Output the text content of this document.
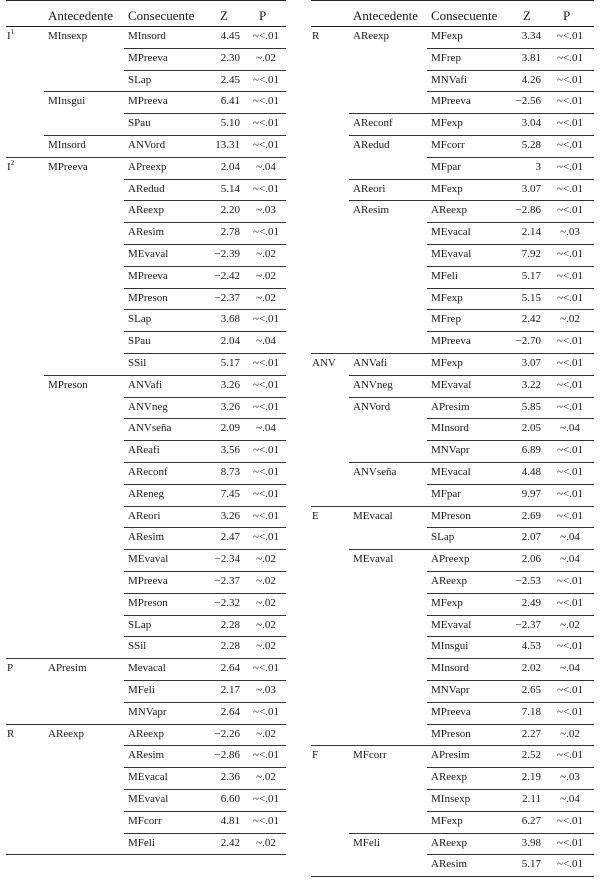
Antecedente Consecuente Z P
$I^1$	MInsexp	MInsord	4.45	~<.01
MPreeva	2.30	~.02
SLap	2.45	~<.01
MInsgui	MPreeva	6.41	~<.01
SPau	5.10	~<.01
MInsord	ANVord	13.31	~<.01
$I^2$	MPreeva	APreexp	2.04	~.04
ARedud	5.14	~<.01
AReexp	2.20	~.03
AResim	2.78	~<.01
MEvaval	−2.39	~.02
MPreeva	−2.42	~.02
MPreson	−2.37	~.02
SLap	3.68	~<.01
SPau	2.04	~.04
SSil	5.17	~<.01
MPreson	ANVafi	3.26	~<.01
ANVneg	3.26	~<.01
ANVseña	2.09	~.04
AReafi	3.56	~<.01
AReconf	8.73	~<.01
AReneg	7.45	~<.01
AReori	3.26	~<.01
AResim	2.47	~<.01
MEvaval	−2.34	~.02
MPreeva	−2.37	~.02
MPreson	−2.32	~.02
SLap	2.28	~.02
SSil	2.28	~.02
P	APresim	Mevacal	2.64	~<.01
MFeli	2.17	~.03
MNVapr	2.64	~<.01
R	AReexp	AReexp	−2.26	~.02
AResim	−2.86	~<.01
MEvacal	2.36	~.02
MEvaval	6.60	~<.01
MFcorr	4.81	~<.01
MFeli	2.42	~.02
Antecedente Consecuente Z P
R	AReexp	MFexp	3.34	~<.01
MFrep	3.81	~<.01
MNVafi	4.26	~<.01
MPreeva	−2.56	~<.01
AReconf	MFexp	3.04	~<.01
ARedud	MFcorr	5.28	~<.01
MFpar	3	~<.01
AReori	MFexp	3.07	~<.01
AResim	AReexp	−2.86	~<.01
MEvacal	2.14	~.03
MEvaval	7.92	~<.01
MFeli	5.17	~<.01
MFexp	5.15	~<.01
MFrep	2.42	~.02
MPreeva	−2.70	~<.01
ANV ANVafi	MFexp	3.07	~<.01
ANVneg	MEvaval	3.22	~<.01
ANVord	APresim	5.85	~<.01
MInsord	2.05	~.04
MNVapr	6.89	~<.01
ANVseña	MEvacal	4.48	~<.01
MFpar	9.97	~<.01
E	MEvacal	MPreson	2.69	~<.01
SLap	2.07	~.04
MEvaval	APreexp	2.06	~.04
AReexp	−2.53	~<.01
MFexp	2.49	~<.01
MEvaval	−2.37	~.02
MInsgui	4.53	~<.01
MInsord	2.02	~.04
MNVapr	2.65	~<.01
MPreeva	7.18	~<.01
MPreson	2.27	~.02
F	MFcorr	APresim	2.52	~<.01
AReexp	2.19	~.03
MInsexp	2.11	~.04
MFexp	6.27	~<.01
MFeli	AReexp	3.98	~<.01
AResim	5.17	~<.01
